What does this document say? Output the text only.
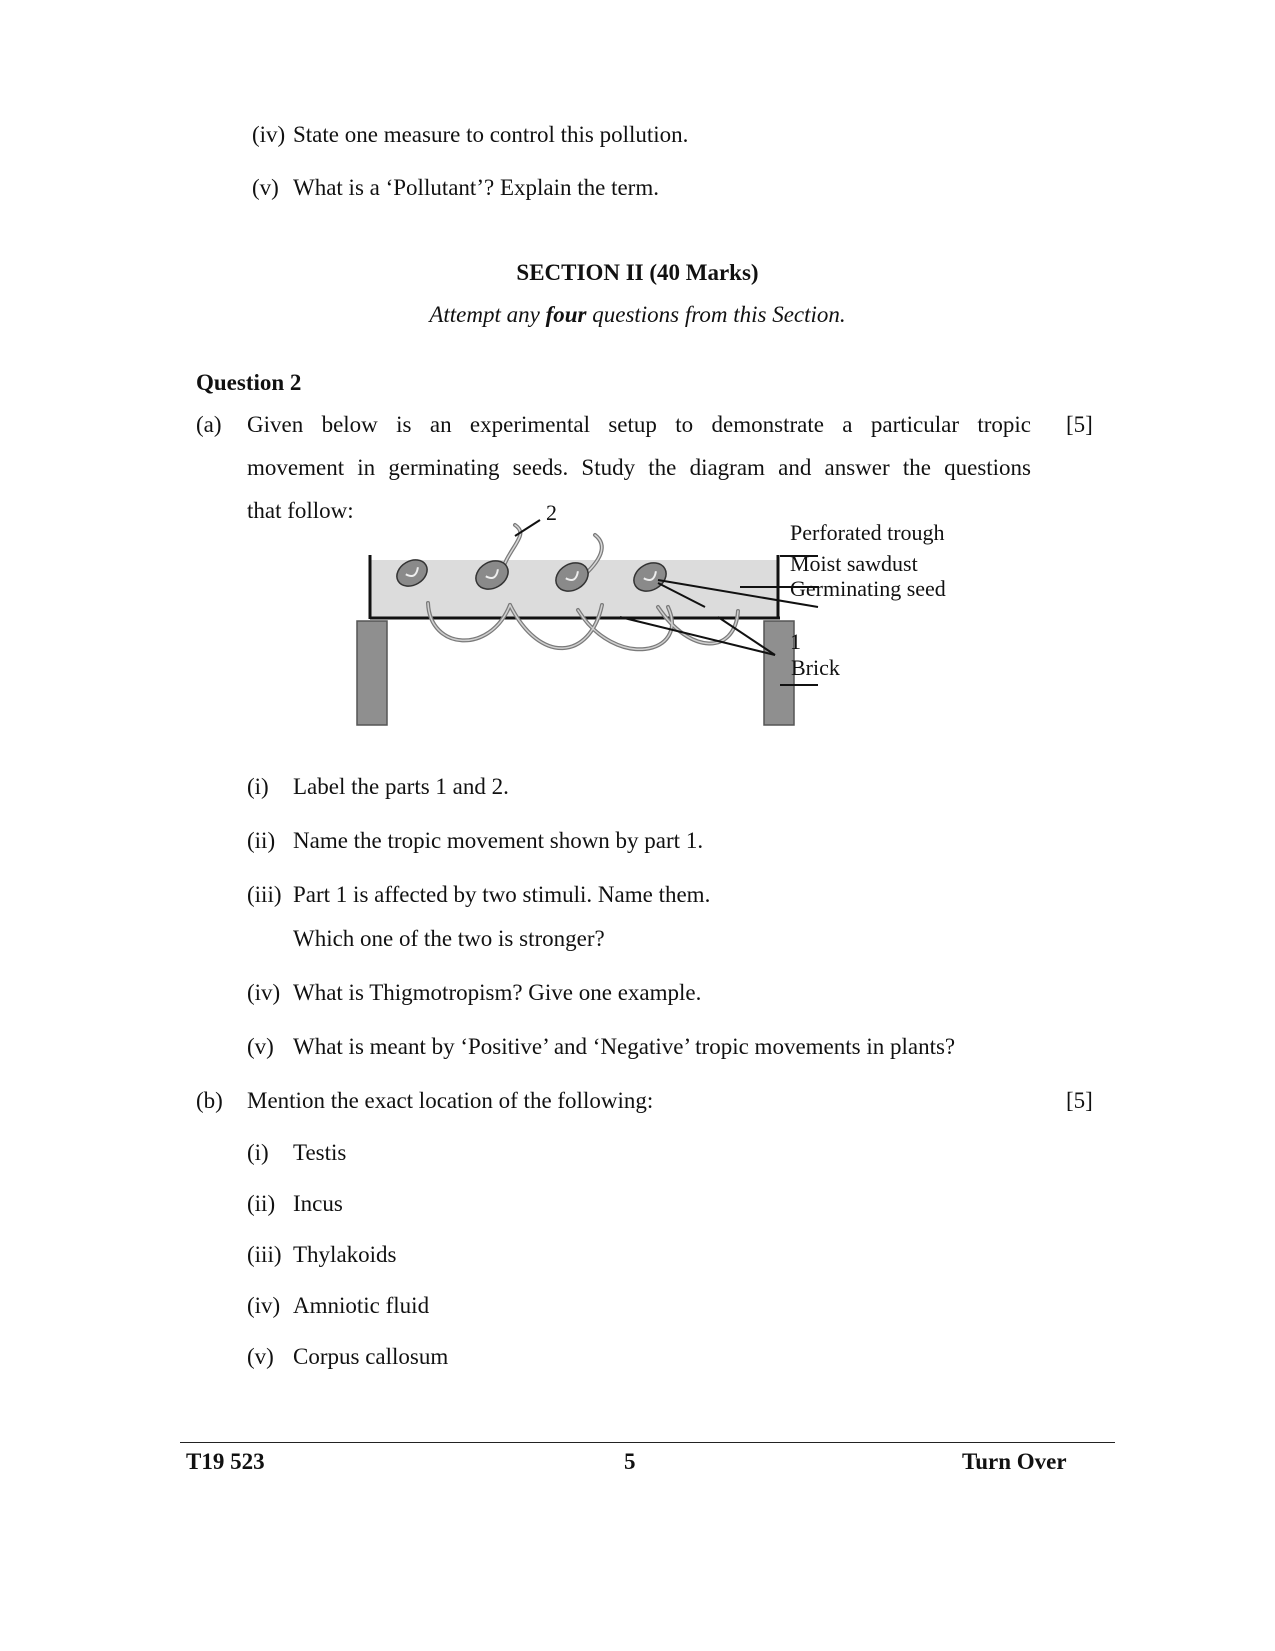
(iv) State one measure to control this pollution.
(v) What is a ‘Pollutant’? Explain the term.
SECTION II (40 Marks)
Attempt any four questions from this Section.
Question 2
(a)	[5]
Given below is an experimental setup to demonstrate a particular tropic
movement in germinating seeds. Study the diagram and answer the questions
that follow:
Perforated trough
Moist sawdust
Germinating seed
1
Brick
2
(i) Label the parts 1 and 2.
(ii) Name the tropic movement shown by part 1.
(iii) Part 1 is affected by two stimuli. Name them.
Which one of the two is stronger?
(iv) What is Thigmotropism? Give one example.
(v) What is meant by ‘Positive’ and ‘Negative’ tropic movements in plants?
(b) Mention the exact location of the following:	[5]
(i) Testis
(ii) Incus
(iii) Thylakoids
(iv) Amniotic fluid
(v) Corpus callosum
T19 523	5	Turn Over
